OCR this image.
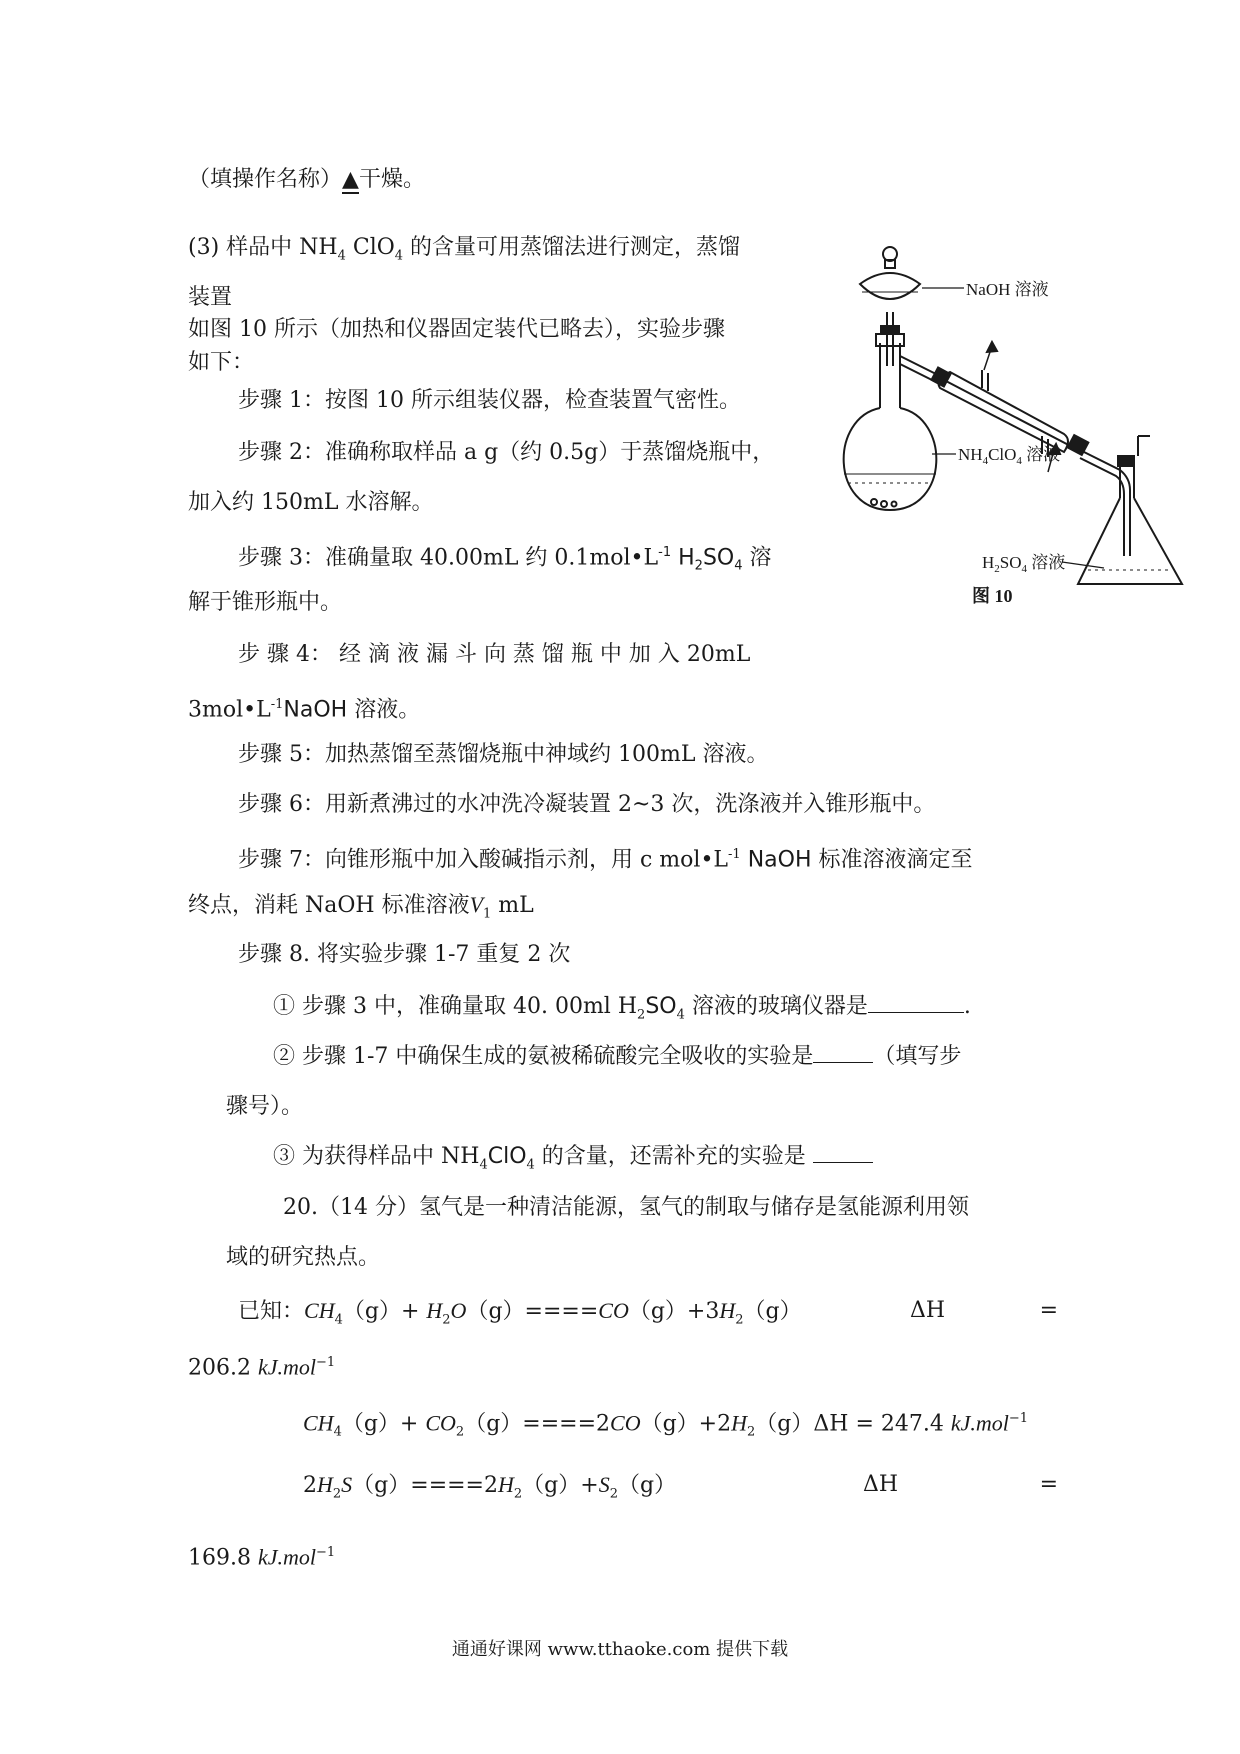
（填操作名称）▲干燥。
(3) 样品中 $NH_4$ ClO$_4$ 的含量可用蒸馏法进行测定，蒸馏
装置
如图 10 所示（加热和仪器固定装代已略去），实验步骤
如下：
步骤 1：按图 10 所示组装仪器，检查装置气密性。
步骤 2：准确称取样品 a g（约 0.5g）于蒸馏烧瓶中，
加入约 150mL 水溶解。
步骤 3：准确量取 40.00mL 约 $0.1mol•L^{-1}$ $H_2SO_4$ 溶
解于锥形瓶中。
步 骤 4： 经 滴 液 漏 斗 向 蒸 馏 瓶 中 加 入 20mL
$3mol•L^{-1}NaOH$ 溶液。
步骤 5：加热蒸馏至蒸馏烧瓶中神域约 100mL 溶液。
步骤 6：用新煮沸过的水冲洗冷凝装置 2~3 次，洗涤液并入锥形瓶中。
步骤 7：向锥形瓶中加入酸碱指示剂，用 c $mol•L^{-1}$ NaOH 标准溶液滴定至
终点，消耗 NaOH 标准溶液$V_1$ mL
步骤 8. 将实验步骤 1-7 重复 2 次
① 步骤 3 中，准确量取 40. 00ml $H_2SO_4$ 溶液的玻璃仪器是	.
② 步骤 1-7 中确保生成的氨被稀硫酸完全吸收的实验是	（填写步
骤号）。
③ 为获得样品中 $NH_4ClO_4$ 的含量，还需补充的实验是
20.（14 分）氢气是一种清洁能源，氢气的制取与储存是氢能源利用领
域的研究热点。
已知：$CH_4(g)+ H_2O(g)====CO(g)+3H_2(g)$	ΔH	=
206.2 kJ.mol$^{-1}$
$CH_4(g)+ CO_2(g)====2CO(g)+2H_2(g)\Delta H = 247.4$ kJ.mol$^{-1}$
$2H_2S(g)====2H_2(g)+S_2(g)$	ΔH	=
169.8 kJ.mol$^{-1}$
NaOH 溶液
$NH_4ClO_4$ 溶液
$H_2SO_4$ 溶液
图 10
通通好课网 www.tthaoke.com 提供下载
